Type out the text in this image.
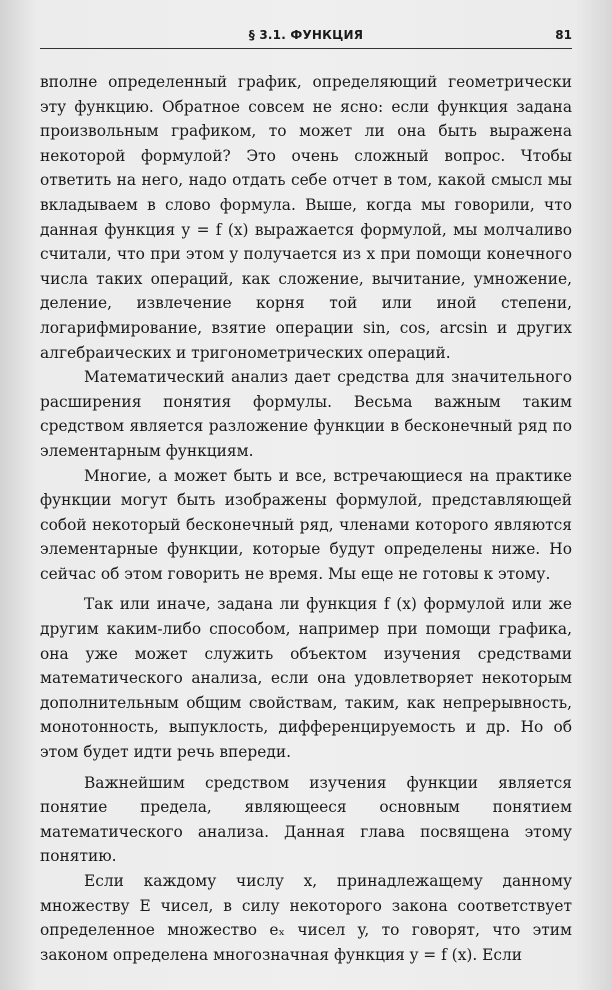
§ 3.1. ФУНКЦИЯ	81

вполне определенный график, определяющий геометрически эту функцию. Обратное совсем не ясно: если функция задана произвольным графиком, то может ли она быть выражена некоторой формулой? Это очень сложный вопрос. Чтобы ответить на него, надо отдать себе отчет в том, какой смысл мы вкладываем в слово формула. Выше, когда мы говорили, что данная функция y = f (x) выражается формулой, мы молчаливо считали, что при этом y получается из x при помощи конечного числа таких операций, как сложение, вычитание, умножение, деление, извлечение корня той или иной степени, логарифмирование, взятие операции sin, cos, arcsin и других алгебраических и тригонометрических операций.

Математический анализ дает средства для значительного расширения понятия формулы. Весьма важным таким средством является разложение функции в бесконечный ряд по элементарным функциям.

Многие, а может быть и все, встречающиеся на практике функции могут быть изображены формулой, представляющей собой некоторый бесконечный ряд, членами которого являются элементарные функции, которые будут определены ниже. Но сейчас об этом говорить не время. Мы еще не готовы к этому.

Так или иначе, задана ли функция f (x) формулой или же другим каким-либо способом, например при помощи графика, она уже может служить объектом изучения средствами математического анализа, если она удовлетворяет некоторым дополнительным общим свойствам, таким, как непрерывность, монотонность, выпуклость, дифференцируемость и др. Но об этом будет идти речь впереди.

Важнейшим средством изучения функции является понятие предела, являющееся основным понятием математического анализа. Данная глава посвящена этому понятию.

Если каждому числу x, принадлежащему данному множеству E чисел, в силу некоторого закона соответствует определенное множество eₓ чисел y, то говорят, что этим законом определена многозначная функция y = f (x). Если
